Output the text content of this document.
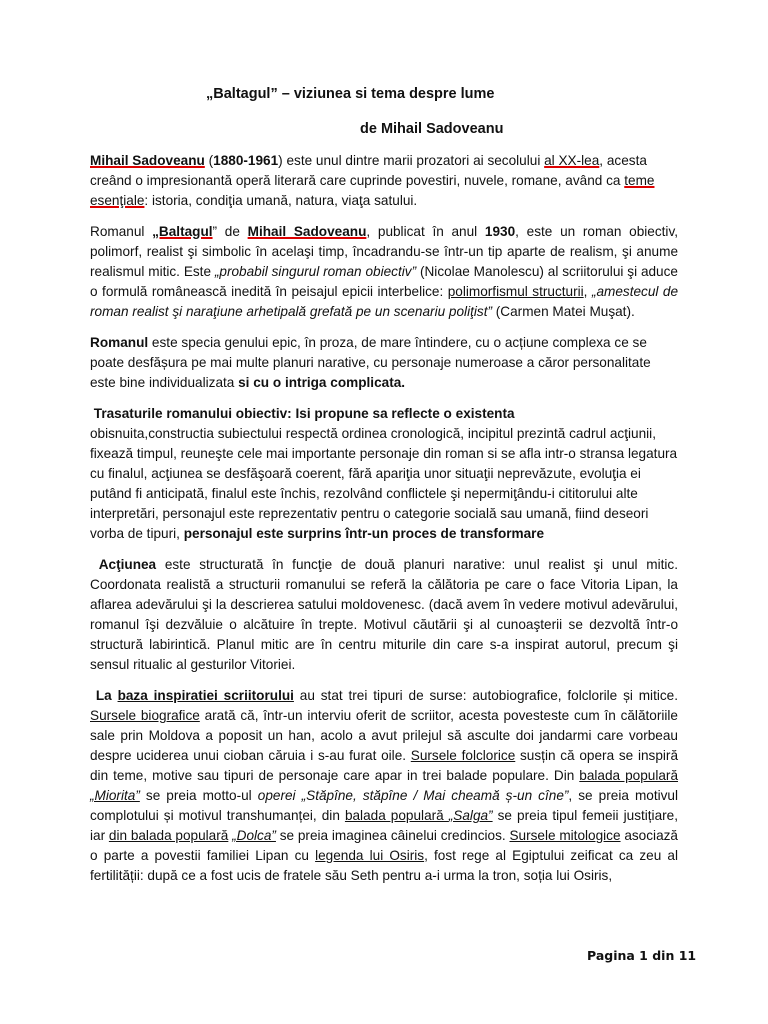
„Baltagul” – viziunea si tema despre lume
de Mihail Sadoveanu

Mihail Sadoveanu (1880-1961) este unul dintre marii prozatori ai secolului al XX-lea, acesta creând o impresionantă operă literară care cuprinde povestiri, nuvele, romane, având ca teme esenţiale: istoria, condiţia umană, natura, viaţa satului.

Romanul „Baltagul” de Mihail Sadoveanu, publicat în anul 1930, este un roman obiectiv, polimorf, realist şi simbolic în acelaşi timp, încadrandu-se într-un tip aparte de realism, şi anume realismul mitic. Este „probabil singurul roman obiectiv” (Nicolae Manolescu) al scriitorului şi aduce o formulă românească inedită în peisajul epicii interbelice: polimorfismul structurii, „amestecul de roman realist şi naraţiune arhetipală grefată pe un scenariu poliţist” (Carmen Matei Muşat).

Romanul este specia genului epic, în proza, de mare întindere, cu o acțiune complexa ce se poate desfășura pe mai multe planuri narative, cu personaje numeroase a căror personalitate este bine individualizata si cu o intriga complicata.

Trasaturile romanului obiectiv: Isi propune sa reflecte o existenta
obisnuita,constructia subiectului respectă ordinea cronologică, incipitul prezintă cadrul acţiunii, fixează timpul, reuneşte cele mai importante personaje din roman si se afla intr-o stransa legatura cu finalul, acţiunea se desfăşoară coerent, fără apariţia unor situaţii neprevăzute, evoluţia ei putând fi anticipată, finalul este închis, rezolvând conflictele şi nepermiţându-i cititorului alte interpretări, personajul este reprezentativ pentru o categorie socială sau umană, fiind deseori vorba de tipuri, personajul este surprins într-un proces de transformare

Acţiunea este structurată în funcţie de două planuri narative: unul realist şi unul mitic. Coordonata realistă a structurii romanului se referă la călătoria pe care o face Vitoria Lipan, la aflarea adevărului şi la descrierea satului moldovenesc. (dacă avem în vedere motivul adevărului, romanul îşi dezvăluie o alcătuire în trepte. Motivul căutării şi al cunoaşterii se dezvoltă într-o structură labirintică. Planul mitic are în centru miturile din care s-a inspirat autorul, precum şi sensul ritualic al gesturilor Vitoriei.

La baza inspiratiei scriitorului au stat trei tipuri de surse: autobiografice, folclorile și mitice. Sursele biografice arată că, într-un interviu oferit de scriitor, acesta povesteste cum în călătoriile sale prin Moldova a poposit un han, acolo a avut prilejul să asculte doi jandarmi care vorbeau despre uciderea unui cioban căruia i s-au furat oile. Sursele folclorice susțin că opera se inspiră din teme, motive sau tipuri de personaje care apar in trei balade populare. Din balada populară „Miorita” se preia motto-ul operei „Stăpîne, stăpîne / Mai cheamă ș-un cîne”, se preia motivul complotului și motivul transhumanței, din balada populară „Salga” se preia tipul femeii justițiare, iar din balada populară „Dolca” se preia imaginea câinelui credincios. Sursele mitologice asociază o parte a povestii familiei Lipan cu legenda lui Osiris, fost rege al Egiptului zeificat ca zeu al fertilității: după ce a fost ucis de fratele său Seth pentru a-i urma la tron, soția lui Osiris,

Pagina 1 din 11
